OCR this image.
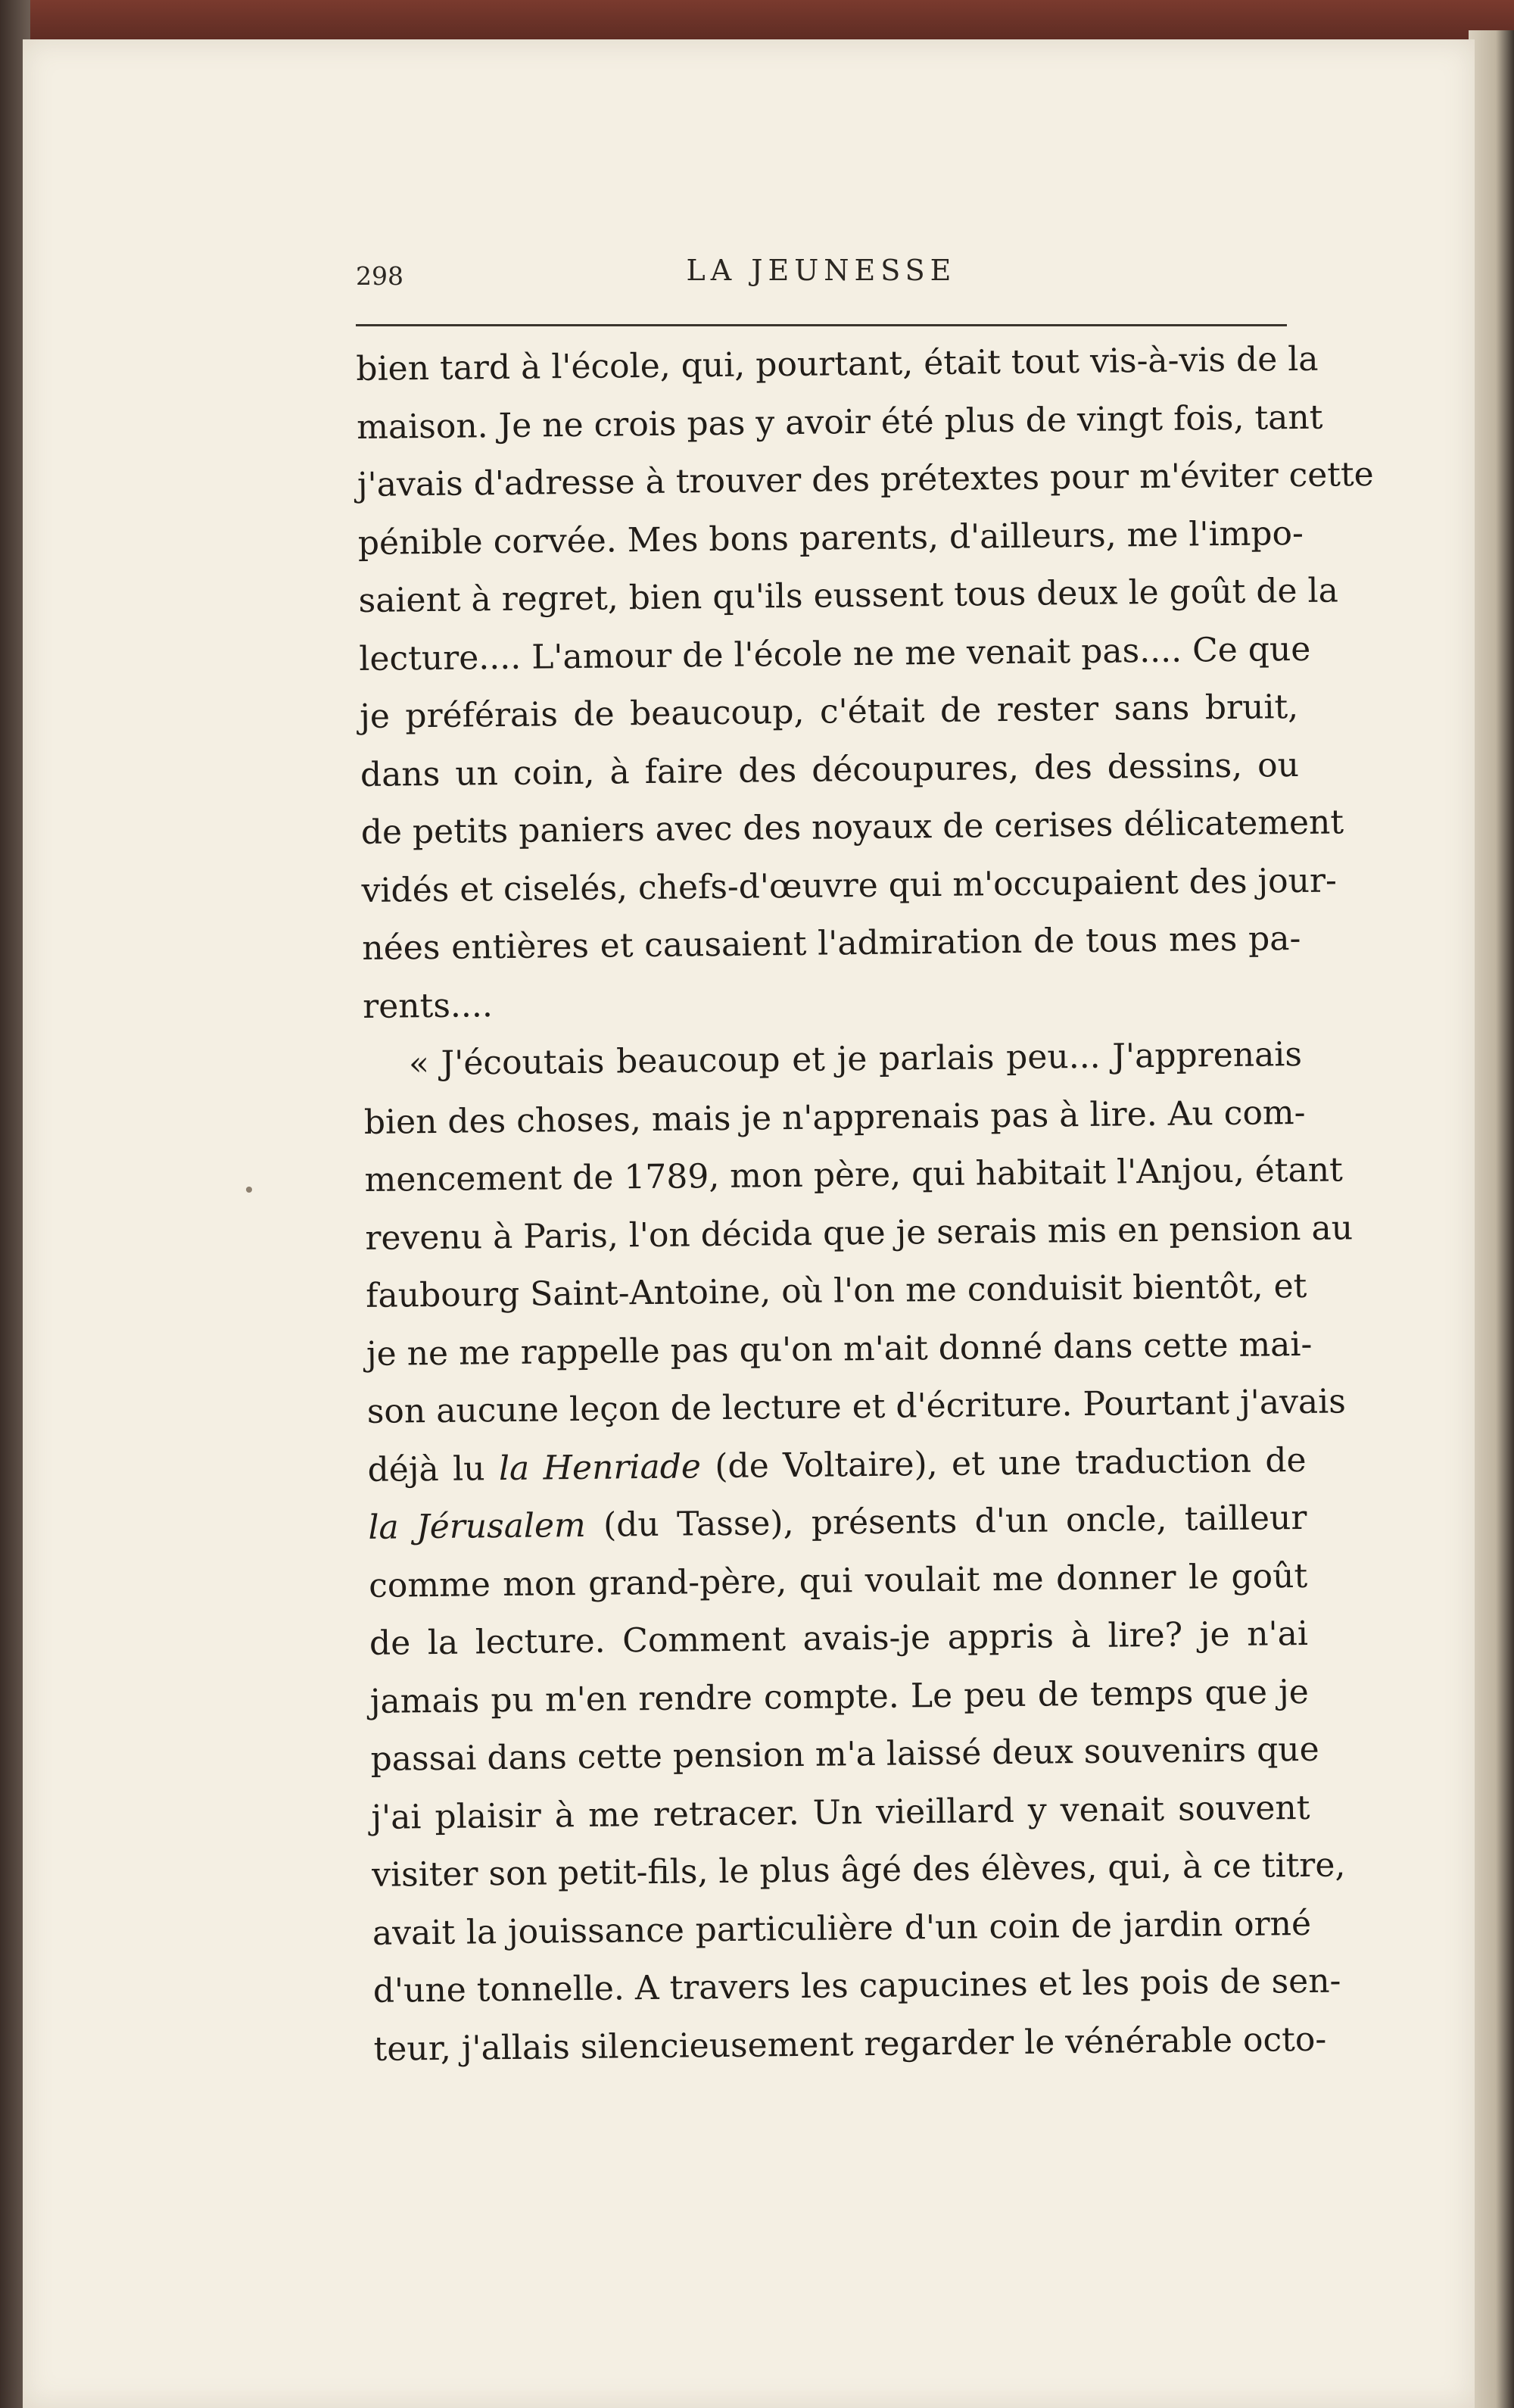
298	LA JEUNESSE
bien tard à l'école, qui, pourtant, était tout vis-à-vis de la
maison. Je ne crois pas y avoir été plus de vingt fois, tant
j'avais d'adresse à trouver des prétextes pour m'éviter cette
pénible corvée. Mes bons parents, d'ailleurs, me l'impo-
saient à regret, bien qu'ils eussent tous deux le goût de la
lecture.... L'amour de l'école ne me venait pas.... Ce que
je préférais de beaucoup, c'était de rester sans bruit,
dans un coin, à faire des découpures, des dessins, ou
de petits paniers avec des noyaux de cerises délicatement
vidés et ciselés, chefs-d'œuvre qui m'occupaient des jour-
nées entières et causaient l'admiration de tous mes pa-
rents....
« J'écoutais beaucoup et je parlais peu... J'apprenais
bien des choses, mais je n'apprenais pas à lire. Au com-
mencement de 1789, mon père, qui habitait l'Anjou, étant
revenu à Paris, l'on décida que je serais mis en pension au
faubourg Saint-Antoine, où l'on me conduisit bientôt, et
je ne me rappelle pas qu'on m'ait donné dans cette mai-
son aucune leçon de lecture et d'écriture. Pourtant j'avais
déjà lu la Henriade (de Voltaire), et une traduction de
la Jérusalem (du Tasse), présents d'un oncle, tailleur
comme mon grand-père, qui voulait me donner le goût
de la lecture. Comment avais-je appris à lire? je n'ai
jamais pu m'en rendre compte. Le peu de temps que je
passai dans cette pension m'a laissé deux souvenirs que
j'ai plaisir à me retracer. Un vieillard y venait souvent
visiter son petit-fils, le plus âgé des élèves, qui, à ce titre,
avait la jouissance particulière d'un coin de jardin orné
d'une tonnelle. A travers les capucines et les pois de sen-
teur, j'allais silencieusement regarder le vénérable octo-
